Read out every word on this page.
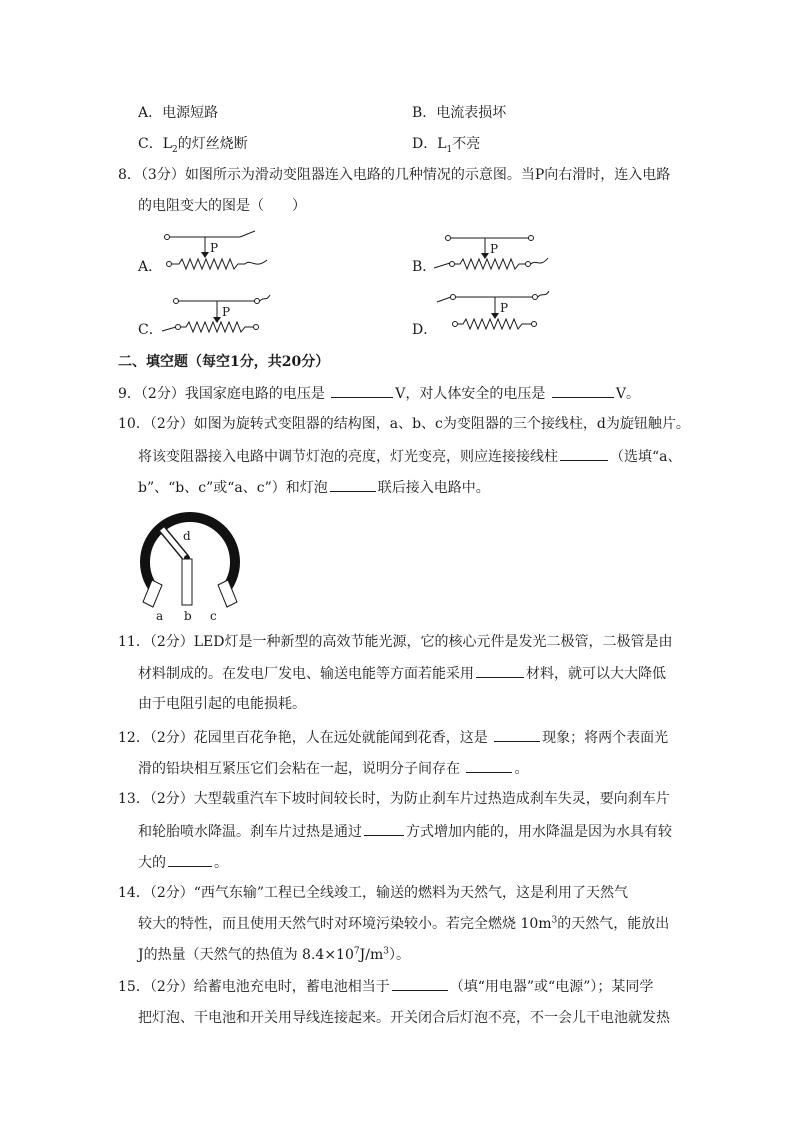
A．电源短路	B．电流表损坏
C．$L_2$的灯丝烧断	D．$L_1$不亮
8．（3分）如图所示为滑动变阻器连入电路的几种情况的示意图。当P向右滑时，连入电路
的电阻变大的图是（　　）
A．
P
B．
P
C．
P
D．
P
二、填空题（每空1分，共20分）
9．（2分）我国家庭电路的电压是	V，对人体安全的电压是	V。
10．（2分）如图为旋转式变阻器的结构图，a、b、c为变阻器的三个接线柱，d为旋钮触片。
将该变阻器接入电路中调节灯泡的亮度，灯光变亮，则应连接接线柱	（选填“a、
b”、“b、c”或“a、c”）和灯泡	联后接入电路中。
d
a b c
11．（2分）LED灯是一种新型的高效节能光源，它的核心元件是发光二极管，二极管是由
材料制成的。在发电厂发电、输送电能等方面若能采用	材料，就可以大大降低
由于电阻引起的电能损耗。
12．（2分）花园里百花争艳，人在远处就能闻到花香，这是	现象；将两个表面光
滑的铅块相互紧压它们会粘在一起，说明分子间存在	。
13．（2分）大型载重汽车下坡时间较长时，为防止刹车片过热造成刹车失灵，要向刹车片
和轮胎喷水降温。刹车片过热是通过	方式增加内能的，用水降温是因为水具有较
大的	。
14．（2分）“西气东输”工程已全线竣工，输送的燃料为天然气，这是利用了天然气
较大的特性，而且使用天然气时对环境污染较小。若完全燃烧 $10m^3$的天然气，能放出
J的热量（天然气的热值为 $8.4\times 10^7J/m^3$）。
15．（2分）给蓄电池充电时，蓄电池相当于	（填“用电器”或“电源”）；某同学
把灯泡、干电池和开关用导线连接起来。开关闭合后灯泡不亮，不一会儿干电池就发热
